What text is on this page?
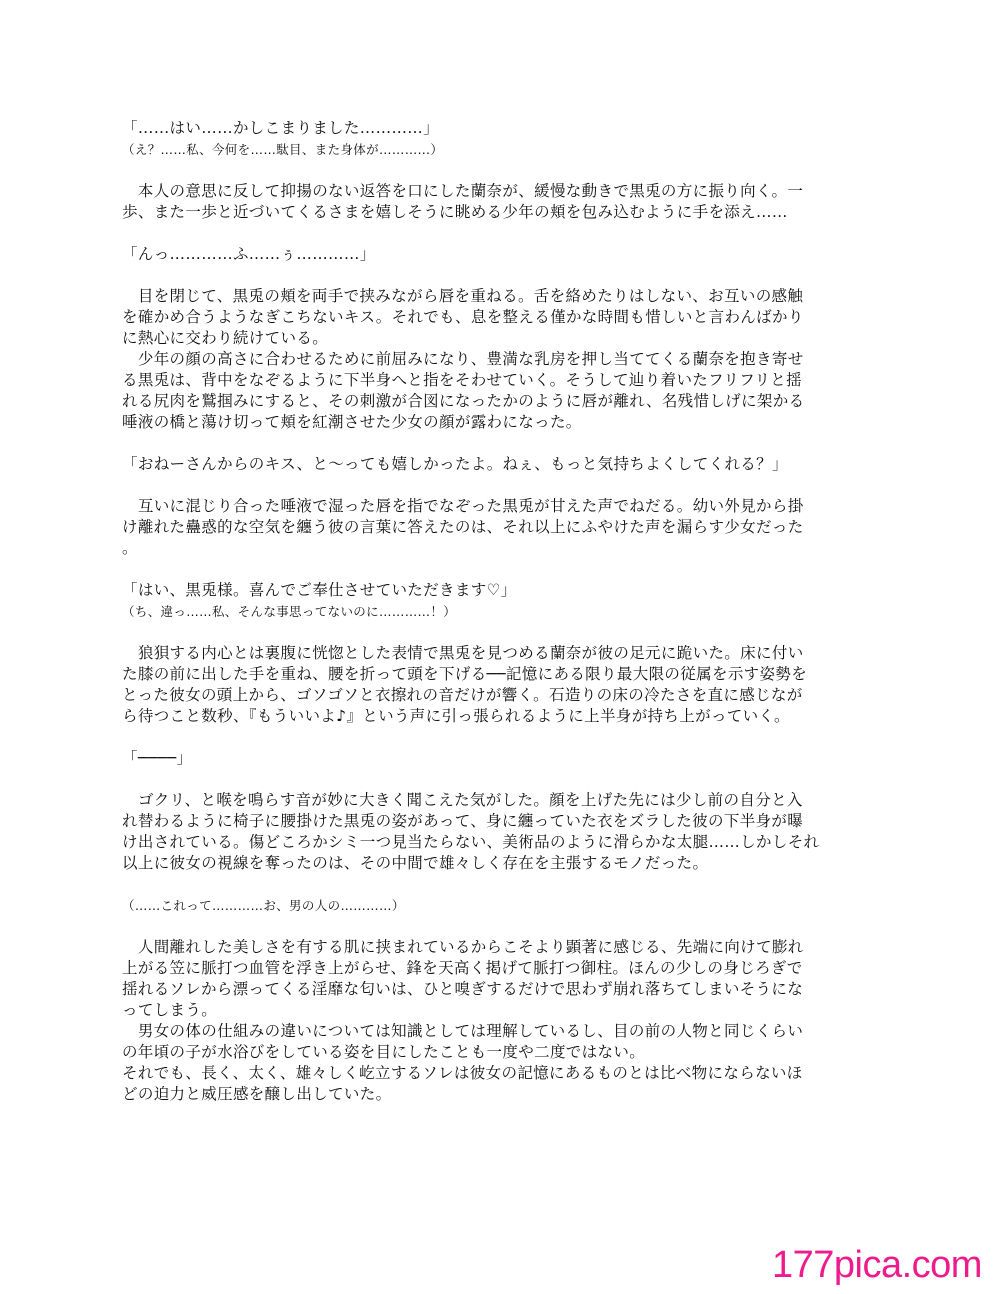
「……はい……かしこまりました…………」
（え？……私、今何を……駄目、また身体が…………）
　本人の意思に反して抑揚のない返答を口にした蘭奈が、緩慢な動きで黒兎の方に振り向く。一
歩、また一歩と近づいてくるさまを嬉しそうに眺める少年の頬を包み込むように手を添え……
「んっ…………ふ……ぅ…………」
　目を閉じて、黒兎の頬を両手で挟みながら唇を重ねる。舌を絡めたりはしない、お互いの感触
を確かめ合うようなぎこちないキス。それでも、息を整える僅かな時間も惜しいと言わんばかり
に熱心に交わり続けている。
　少年の顔の高さに合わせるために前屈みになり、豊満な乳房を押し当ててくる蘭奈を抱き寄せ
る黒兎は、背中をなぞるように下半身へと指をそわせていく。そうして辿り着いたフリフリと揺
れる尻肉を鷲掴みにすると、その刺激が合図になったかのように唇が離れ、名残惜しげに架かる
唾液の橋と蕩け切って頬を紅潮させた少女の顔が露わになった。
「おねーさんからのキス、と～っても嬉しかったよ。ねぇ、もっと気持ちよくしてくれる？」
　互いに混じり合った唾液で湿った唇を指でなぞった黒兎が甘えた声でねだる。幼い外見から掛
け離れた蠱惑的な空気を纏う彼の言葉に答えたのは、それ以上にふやけた声を漏らす少女だった
。
「はい、黒兎様。喜んでご奉仕させていただきます♡」
（ち、違っ……私、そんな事思ってないのに…………！）
　狼狽する内心とは裏腹に恍惚とした表情で黒兎を見つめる蘭奈が彼の足元に跪いた。床に付い
た膝の前に出した手を重ね、腰を折って頭を下げる──記憶にある限り最大限の従属を示す姿勢を
とった彼女の頭上から、ゴソゴソと衣擦れの音だけが響く。石造りの床の冷たさを直に感じなが
ら待つこと数秒、『もういいよ♪』という声に引っ張られるように上半身が持ち上がっていく。
「────」
　ゴクリ、と喉を鳴らす音が妙に大きく聞こえた気がした。顔を上げた先には少し前の自分と入
れ替わるように椅子に腰掛けた黒兎の姿があって、身に纏っていた衣をズラした彼の下半身が曝
け出されている。傷どころかシミ一つ見当たらない、美術品のように滑らかな太腿……しかしそれ
以上に彼女の視線を奪ったのは、その中間で雄々しく存在を主張するモノだった。
（……これって…………お、男の人の…………）
　人間離れした美しさを有する肌に挟まれているからこそより顕著に感じる、先端に向けて膨れ
上がる笠に脈打つ血管を浮き上がらせ、鋒を天高く掲げて脈打つ御柱。ほんの少しの身じろぎで
揺れるソレから漂ってくる淫靡な匂いは、ひと嗅ぎするだけで思わず崩れ落ちてしまいそうにな
ってしまう。
　男女の体の仕組みの違いについては知識としては理解しているし、目の前の人物と同じくらい
の年頃の子が水浴びをしている姿を目にしたことも一度や二度ではない。
それでも、長く、太く、雄々しく屹立するソレは彼女の記憶にあるものとは比べ物にならないほ
どの迫力と威圧感を醸し出していた。
177pica.com
